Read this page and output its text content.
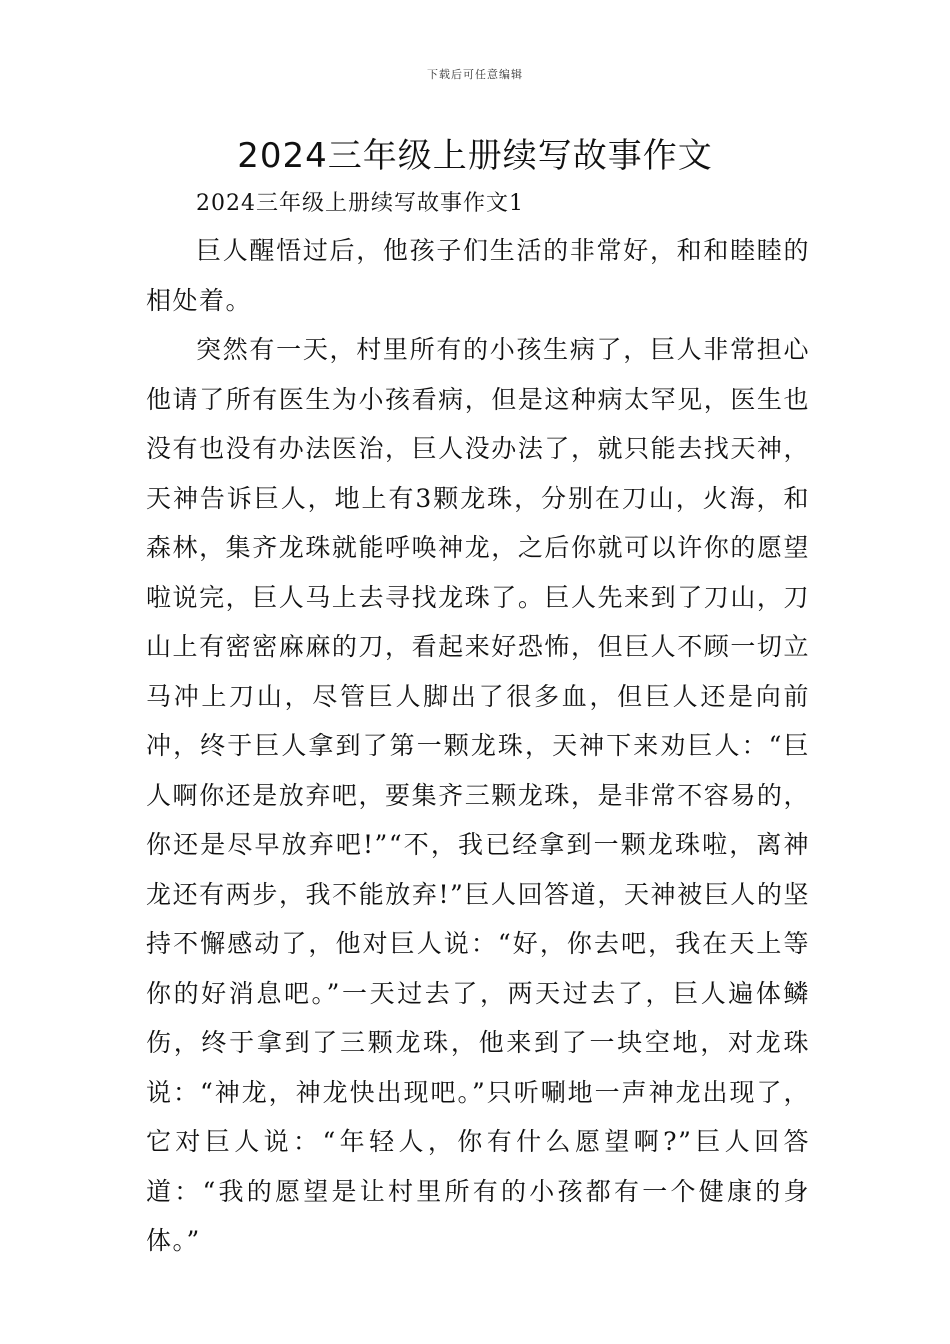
下载后可任意编辑
2024三年级上册续写故事作文
2024三年级上册续写故事作文1

巨人醒悟过后，他孩子们生活的非常好，和和睦睦的相处着。

突然有一天，村里所有的小孩生病了，巨人非常担心他请了所有医生为小孩看病，但是这种病太罕见，医生也没有也没有办法医治，巨人没办法了，就只能去找天神，天神告诉巨人，地上有3颗龙珠，分别在刀山，火海，和森林，集齐龙珠就能呼唤神龙，之后你就可以许你的愿望啦说完，巨人马上去寻找龙珠了。巨人先来到了刀山，刀山上有密密麻麻的刀，看起来好恐怖，但巨人不顾一切立马冲上刀山，尽管巨人脚出了很多血，但巨人还是向前冲，终于巨人拿到了第一颗龙珠，天神下来劝巨人：“巨人啊你还是放弃吧，要集齐三颗龙珠，是非常不容易的，你还是尽早放弃吧!”“不，我已经拿到一颗龙珠啦，离神龙还有两步，我不能放弃!”巨人回答道，天神被巨人的坚持不懈感动了，他对巨人说：“好，你去吧，我在天上等你的好消息吧。”一天过去了，两天过去了，巨人遍体鳞伤，终于拿到了三颗龙珠，他来到了一块空地，对龙珠说：“神龙，神龙快出现吧。”只听唰地一声神龙出现了，它对巨人说：“年轻人，你有什么愿望啊?”巨人回答道：“我的愿望是让村里所有的小孩都有一个健康的身体。”
